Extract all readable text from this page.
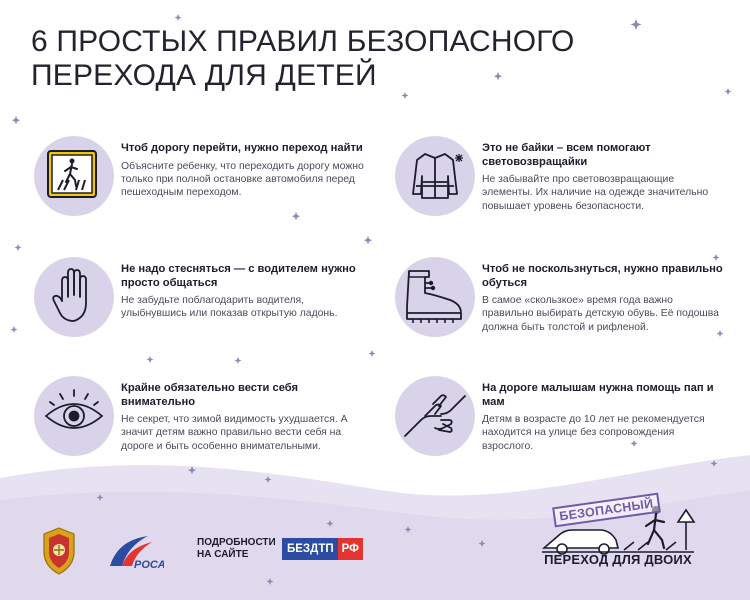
6 ПРОСТЫХ ПРАВИЛ БЕЗОПАСНОГО
ПЕРЕХОДА ДЛЯ ДЕТЕЙ
Чтоб дорогу перейти, нужно переход найти

Объясните ребенку, что переходить дорогу можно только при полной остановке автомобиля перед пешеходным переходом.

Это не байки – всем помогают световозвращайки

Не забывайте про световозвращающие элементы. Их наличие на одежде значительно повышает уровень безопасности.

Не надо стесняться — с водителем нужно просто общаться

Не забудьте поблагодарить водителя, улыбнувшись или показав открытую ладонь.

Чтоб не поскользнуться, нужно правильно обуться

В самое «скользкое» время года важно правильно выбирать детскую обувь. Её подошва должна быть толстой и рифленой.

Крайне обязательно вести себя внимательно

Не секрет, что зимой видимость ухудшается. А значит детям важно правильно вести себя на дороге и быть особенно внимательными.

На дороге малышам нужна помощь пап и мам

Детям в возрасте до 10 лет не рекомендуется находится на улице без сопровождения взрослого.

РОСА
ПОДРОБНОСТИ
НА САЙТЕ	БЕЗДТП РФ
БЕЗОПАСНЫЙ
ПЕРЕХОД ДЛЯ ДВОИХ
